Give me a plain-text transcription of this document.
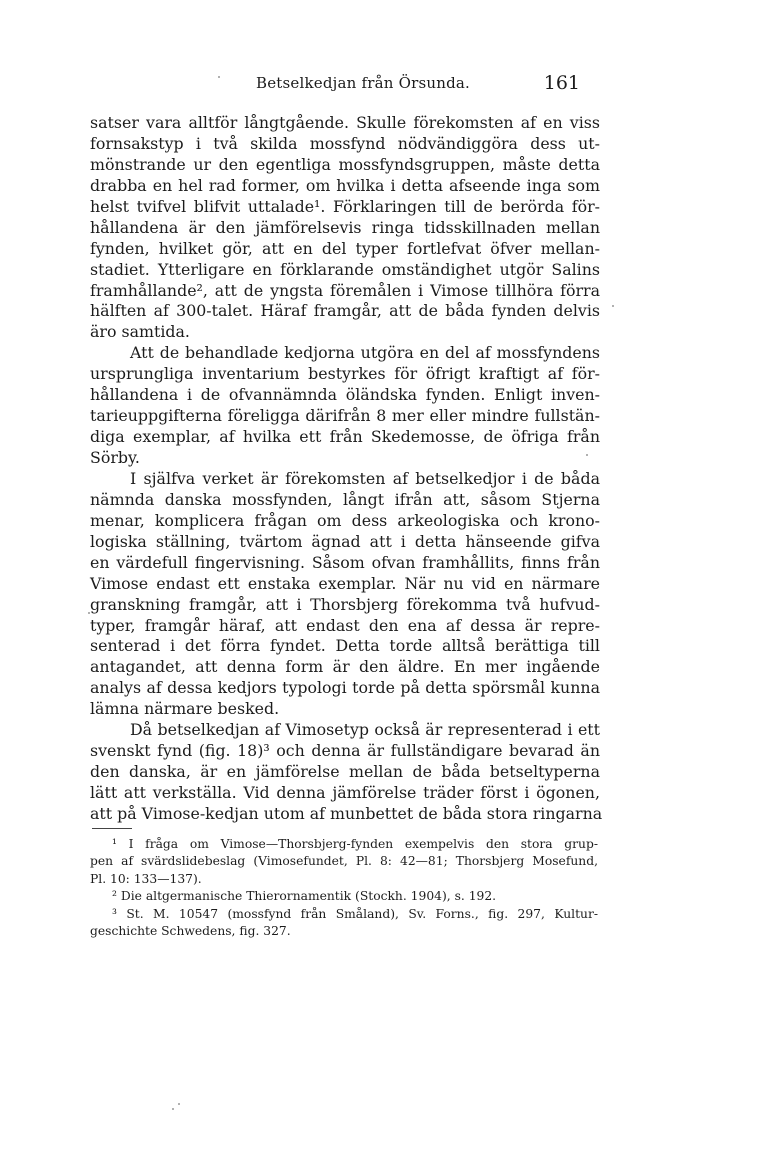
Betselkedjan från Örsunda.	161
satser vara alltför långtgående. Skulle förekomsten af en viss
fornsakstyp i två skilda mossfynd nödvändiggöra dess ut-
mönstrande ur den egentliga mossfyndsgruppen, måste detta
drabba en hel rad former, om hvilka i detta afseende inga som
helst tvifvel blifvit uttalade¹. Förklaringen till de berörda för-
hållandena är den jämförelsevis ringa tidsskillnaden mellan
fynden, hvilket gör, att en del typer fortlefvat öfver mellan-
stadiet. Ytterligare en förklarande omständighet utgör Salins
framhållande², att de yngsta föremålen i Vimose tillhöra förra
hälften af 300-talet. Häraf framgår, att de båda fynden delvis
äro samtida.
Att de behandlade kedjorna utgöra en del af mossfyndens
ursprungliga inventarium bestyrkes för öfrigt kraftigt af för-
hållandena i de ofvannämnda öländska fynden. Enligt inven-
tarieuppgifterna föreligga därifrån 8 mer eller mindre fullstän-
diga exemplar, af hvilka ett från Skedemosse, de öfriga från
Sörby.
I själfva verket är förekomsten af betselkedjor i de båda
nämnda danska mossfynden, långt ifrån att, såsom Stjerna
menar, komplicera frågan om dess arkeologiska och krono-
logiska ställning, tvärtom ägnad att i detta hänseende gifva
en värdefull fingervisning. Såsom ofvan framhållits, finns från
Vimose endast ett enstaka exemplar. När nu vid en närmare
granskning framgår, att i Thorsbjerg förekomma två hufvud-
typer, framgår häraf, att endast den ena af dessa är repre-
senterad i det förra fyndet. Detta torde alltså berättiga till
antagandet, att denna form är den äldre. En mer ingående
analys af dessa kedjors typologi torde på detta spörsmål kunna
lämna närmare besked.
Då betselkedjan af Vimosetyp också är representerad i ett
svenskt fynd (fig. 18)³ och denna är fullständigare bevarad än
den danska, är en jämförelse mellan de båda betseltyperna
lätt att verkställa. Vid denna jämförelse träder först i ögonen,
att på Vimose-kedjan utom af munbettet de båda stora ringarna
¹ I fråga om Vimose—Thorsbjerg-fynden exempelvis den stora grup-
pen af svärdslidebeslag (Vimosefundet, Pl. 8: 42—81; Thorsbjerg Mosefund,
Pl. 10: 133—137).
² Die altgermanische Thierornamentik (Stockh. 1904), s. 192.
³ St. M. 10547 (mossfynd från Småland), Sv. Forns., fig. 297, Kultur-
geschichte Schwedens, fig. 327.
